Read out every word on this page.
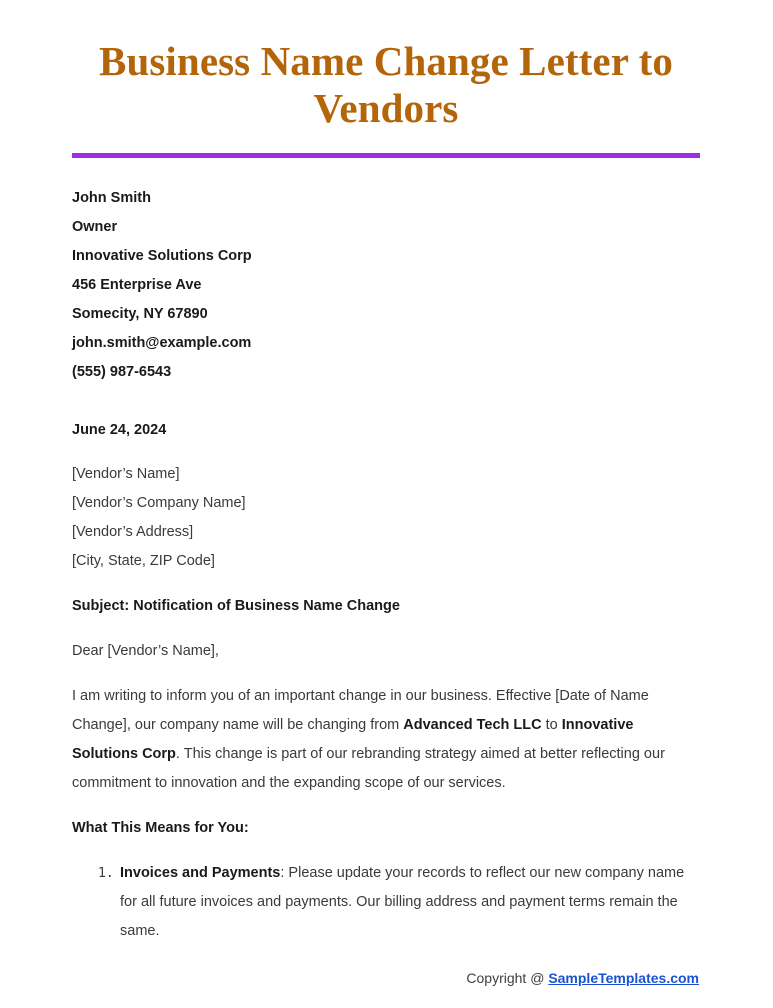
Business Name Change Letter to Vendors
John Smith
Owner
Innovative Solutions Corp
456 Enterprise Ave
Somecity, NY 67890
john.smith@example.com
(555) 987-6543
June 24, 2024
[Vendor’s Name]
[Vendor’s Company Name]
[Vendor’s Address]
[City, State, ZIP Code]
Subject: Notification of Business Name Change
Dear [Vendor’s Name],

I am writing to inform you of an important change in our business. Effective [Date of Name Change], our company name will be changing from Advanced Tech LLC to Innovative Solutions Corp. This change is part of our rebranding strategy aimed at better reflecting our commitment to innovation and the expanding scope of our services.

What This Means for You:
1. Invoices and Payments: Please update your records to reflect our new company name for all future invoices and payments. Our billing address and payment terms remain the same.
Copyright @ SampleTemplates.com
